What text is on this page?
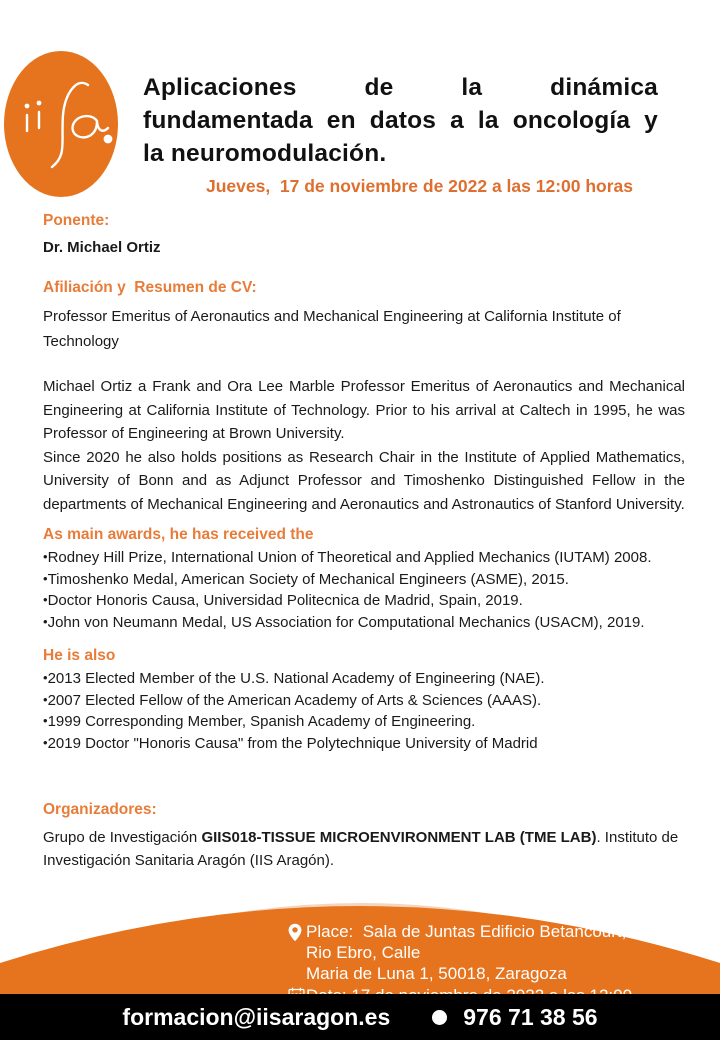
Aplicaciones de la dinámica
fundamentada en datos a la oncología y
la neuromodulación.
Jueves,  17 de noviembre de 2022 a las 12:00 horas
Ponente:
Dr. Michael Ortiz
Afiliación y  Resumen de CV:
Professor Emeritus of Aeronautics and Mechanical Engineering at California Institute of Technology

Michael Ortiz a Frank and Ora Lee Marble Professor Emeritus of Aeronautics and Mechanical Engineering at California Institute of Technology. Prior to his arrival at Caltech in 1995, he was Professor of Engineering at Brown University.

Since 2020 he also holds positions as Research Chair in the Institute of Applied Mathematics, University of Bonn and as Adjunct Professor and Timoshenko Distinguished Fellow in the departments of Mechanical Engineering and Aeronautics and Astronautics of Stanford University.

As main awards, he has received the
• Rodney Hill Prize, International Union of Theoretical and Applied Mechanics (IUTAM) 2008.
• Timoshenko Medal, American Society of Mechanical Engineers (ASME), 2015.
• Doctor Honoris Causa, Universidad Politecnica de Madrid, Spain, 2019.
• John von Neumann Medal, US Association for Computational Mechanics (USACM), 2019.
He is also
• 2013 Elected Member of the U.S. National Academy of Engineering (NAE).
• 2007 Elected Fellow of the American Academy of Arts & Sciences (AAAS).
• 1999 Corresponding Member, Spanish Academy of Engineering.
• 2019 Doctor "Honoris Causa" from the Polytechnique University of Madrid
Organizadores:
Grupo de Investigación GIIS018-TISSUE MICROENVIRONMENT LAB (TME LAB). Instituto de Investigación Sanitaria Aragón (IIS Aragón).
Place:  Sala de Juntas Edificio Betancourt, Campus Rio Ebro, Calle
Maria de Luna 1, 50018, Zaragoza
formacion@iisaragon.es	976 71 38 56
